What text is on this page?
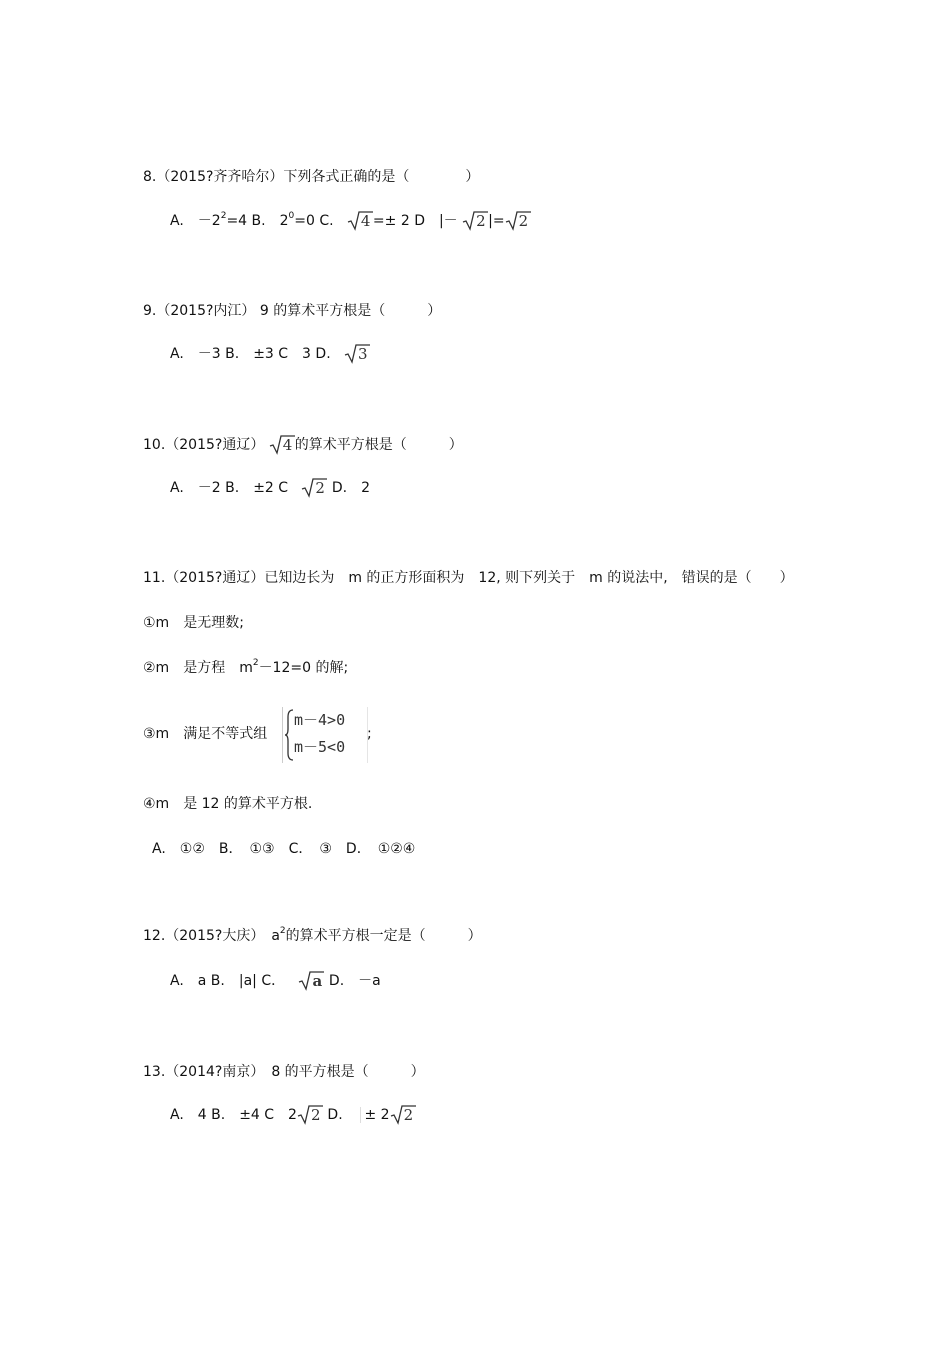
8.（2015?齐齐哈尔）下列各式正确的是（　　　　）
A.　$-2^2=4$ B.　$2^0=0$ C. 4 =± 2 D　|－ 2 |= 2
9.（2015?内江） 9 的算术平方根是（　　　）
A.　－3 B.　±3 C　3 D. 3
10.（2015?通辽） 4 的算术平方根是（　　　）
A.　－2 B.　±2 C 2 D.　2
11.（2015?通辽）已知边长为　m 的正方形面积为　12, 则下列关于　m 的说法中,　错误的是（　　）
①m　是无理数;
②m　是方程　$m^2-12=0$ 的解;
③m　满足不等式组
m－4>0
m－5<0
;
④m　是 12 的算术平方根.
A.　①②　B．　①③　C．　③　D．　①②④
12.（2015?大庆）　$a^2$的算术平方根一定是（　　　）
A.　a B.　|a| C． a D.　－a
13.（2014?南京）　8 的平方根是（　　　）
A.　4 B.　±4 C　2 2 D. ± 2 2
